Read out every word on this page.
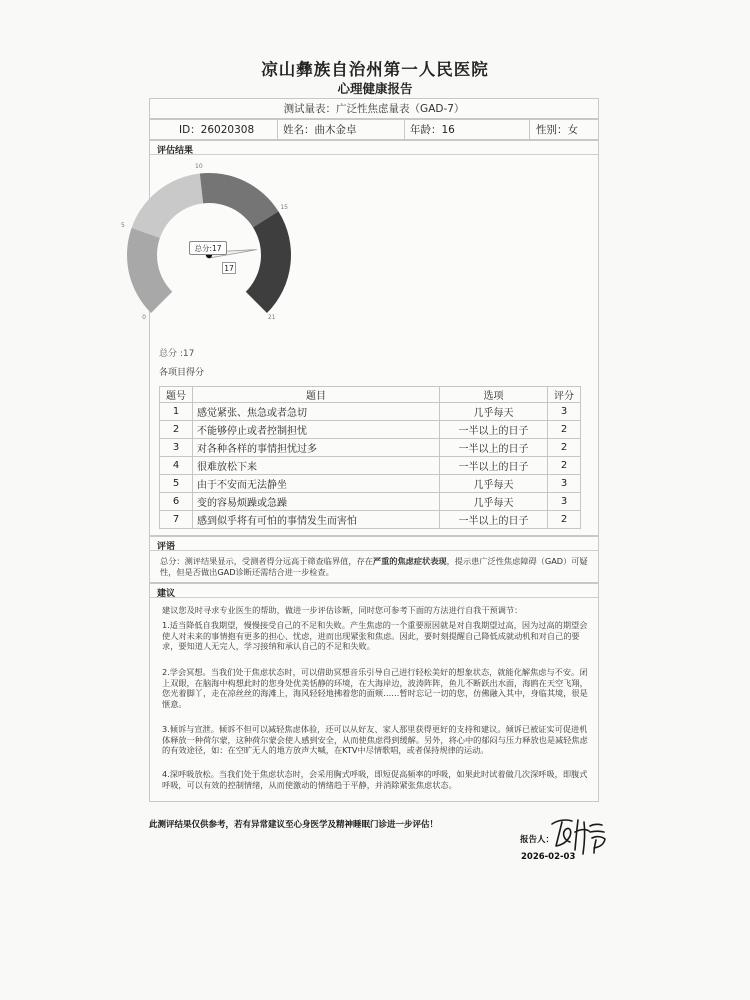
凉山彝族自治州第一人民医院
心理健康报告
测试量表：广泛性焦虑量表（GAD-7）
ID：26020308	姓名：曲木金卓	年龄：16	性别：女
评估结果
0
5
10
15
21
总分:17
17
总分 :17
各项目得分
题号	题目	选项	评分
1	感觉紧张、焦急或者急切	几乎每天	3
2	不能够停止或者控制担忧	一半以上的日子	2
3	对各种各样的事情担忧过多	一半以上的日子	2
4	很难放松下来	一半以上的日子	2
5	由于不安而无法静坐	几乎每天	3
6	变的容易烦躁或急躁	几乎每天	3
7	感到似乎将有可怕的事情发生而害怕	一半以上的日子	2
评语
总分：测评结果显示，受测者得分远高于筛查临界值，存在严重的焦虑症状表现，提示患广泛性焦虑障碍（GAD）可疑性，但是否做出GAD诊断还需结合进一步检查。
建议
建议您及时寻求专业医生的帮助，做进一步评估诊断，同时您可参考下面的方法进行自我干预调节：
1.适当降低自我期望，慢慢接受自己的不足和失败。产生焦虑的一个重要原因就是对自我期望过高，因为过高的期望会使人对未来的事情抱有更多的担心、忧虑，进而出现紧张和焦虑。因此，要时刻提醒自己降低成就动机和对自己的要求，要知道人无完人，学习接纳和承认自己的不足和失败。
2.学会冥想。当我们处于焦虑状态时，可以借助冥想音乐引导自己进行轻松美好的想象状态，就能化解焦虑与不安。闭上双眼，在脑海中构想此时的您身处优美恬静的环境，在大海岸边，波涛阵阵，鱼儿不断跃出水面，海鸥在天空飞翔，您光着脚丫，走在凉丝丝的海滩上，海风轻轻地拂着您的面颊……暂时忘记一切的您，仿佛融入其中，身临其境，很是惬意。
3.倾诉与宣泄。倾诉不但可以减轻焦虑体验，还可以从好友、家人那里获得更好的支持和建议。倾诉已被证实可促进机体释放一种荷尔蒙，这种荷尔蒙会使人感到安全，从而使焦虑得到缓解。另外，将心中的郁闷与压力释放也是减轻焦虑的有效途径，如：在空旷无人的地方放声大喊，在KTV中尽情歌唱，或者保持规律的运动。
4.深呼吸放松。当我们处于焦虑状态时，会采用胸式呼吸，即短促高频率的呼吸，如果此时试着做几次深呼吸，即腹式呼吸，可以有效的控制情绪，从而使激动的情绪趋于平静，并消除紧张焦虑状态。
此测评结果仅供参考，若有异常建议至心身医学及精神睡眠门诊进一步评估！
报告人：
2026-02-03
